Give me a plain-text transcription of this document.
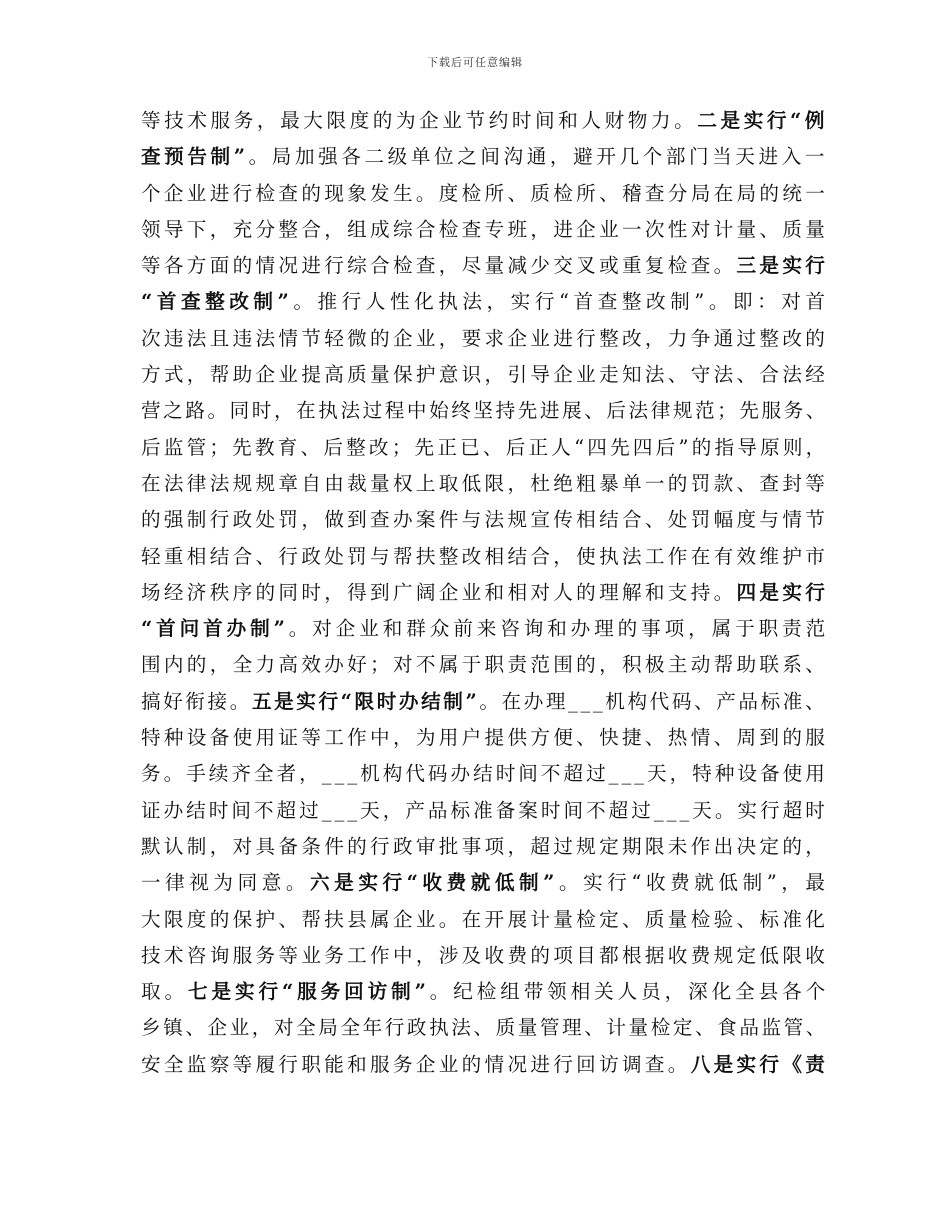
下载后可任意编辑
等技术服务，最大限度的为企业节约时间和人财物力。二是实行“例
查预告制”。局加强各二级单位之间沟通，避开几个部门当天进入一
个企业进行检查的现象发生。度检所、质检所、稽查分局在局的统一
领导下，充分整合，组成综合检查专班，进企业一次性对计量、质量
等各方面的情况进行综合检查，尽量减少交叉或重复检查。三是实行
“首查整改制”。推行人性化执法，实行“首查整改制”。即：对首
次违法且违法情节轻微的企业，要求企业进行整改，力争通过整改的
方式，帮助企业提高质量保护意识，引导企业走知法、守法、合法经
营之路。同时，在执法过程中始终坚持先进展、后法律规范；先服务、
后监管；先教育、后整改；先正已、后正人“四先四后”的指导原则，
在法律法规规章自由裁量权上取低限，杜绝粗暴单一的罚款、查封等
的强制行政处罚，做到查办案件与法规宣传相结合、处罚幅度与情节
轻重相结合、行政处罚与帮扶整改相结合，使执法工作在有效维护市
场经济秩序的同时，得到广阔企业和相对人的理解和支持。四是实行
“首问首办制”。对企业和群众前来咨询和办理的事项，属于职责范
围内的，全力高效办好；对不属于职责范围的，积极主动帮助联系、
搞好衔接。五是实行“限时办结制”。在办理___机构代码、产品标准、
特种设备使用证等工作中，为用户提供方便、快捷、热情、周到的服
务。手续齐全者，___机构代码办结时间不超过___天，特种设备使用
证办结时间不超过___天，产品标准备案时间不超过___天。实行超时
默认制，对具备条件的行政审批事项，超过规定期限未作出决定的，
一律视为同意。六是实行“收费就低制”。实行“收费就低制”，最
大限度的保护、帮扶县属企业。在开展计量检定、质量检验、标准化
技术咨询服务等业务工作中，涉及收费的项目都根据收费规定低限收
取。七是实行“服务回访制”。纪检组带领相关人员，深化全县各个
乡镇、企业，对全局全年行政执法、质量管理、计量检定、食品监管、
安全监察等履行职能和服务企业的情况进行回访调查。八是实行《责
